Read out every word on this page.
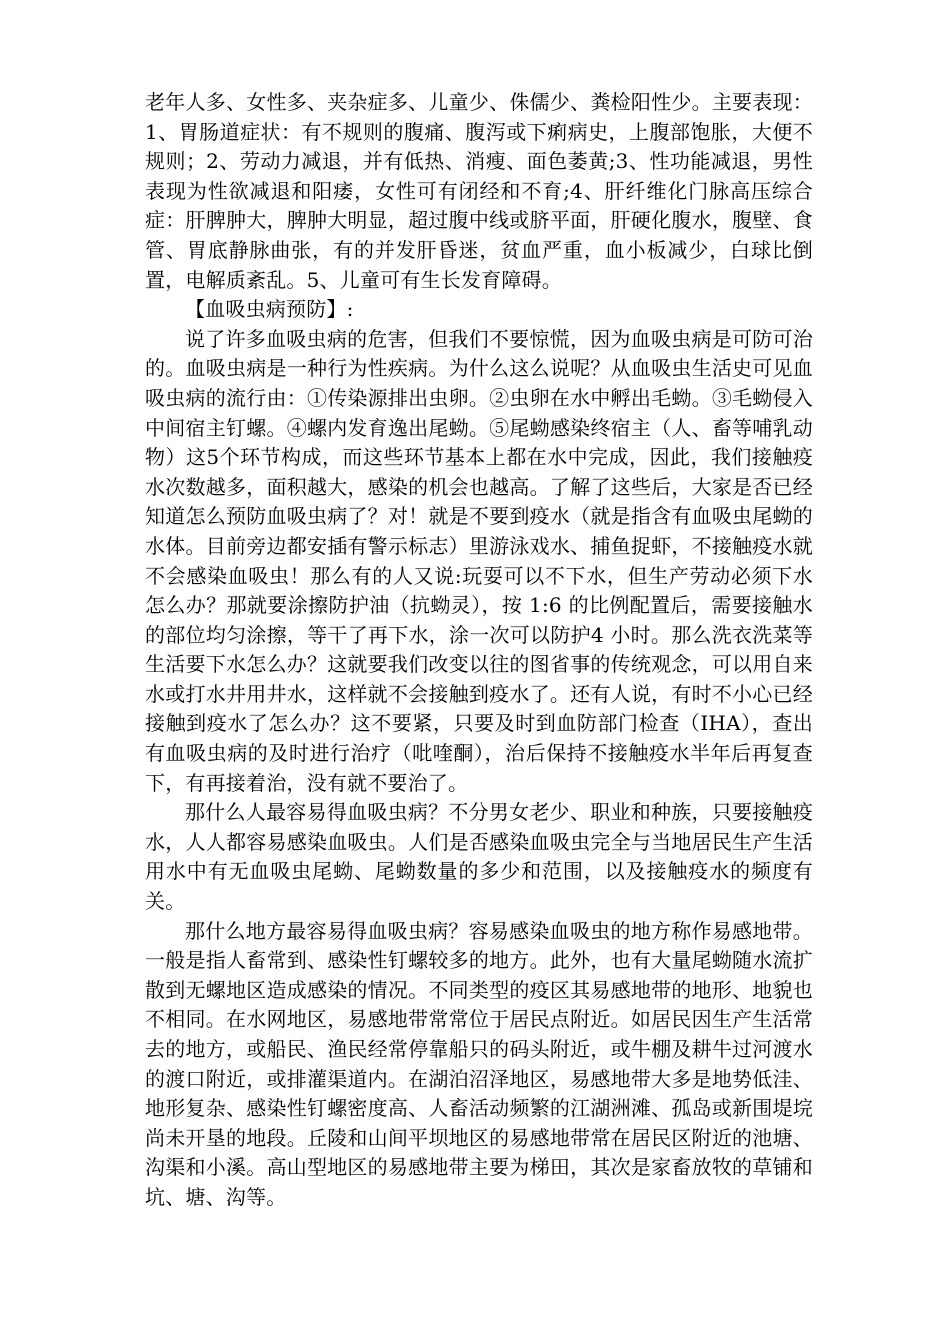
老年人多、女性多、夹杂症多、儿童少、侏儒少、粪检阳性少。主要表现：1、胃肠道症状：有不规则的腹痛、腹泻或下痢病史，上腹部饱胀，大便不规则；2、劳动力减退，并有低热、消瘦、面色萎黄;3、性功能减退，男性表现为性欲减退和阳痿，女性可有闭经和不育;4、肝纤维化门脉高压综合症：肝脾肿大，脾肿大明显，超过腹中线或脐平面，肝硬化腹水，腹壁、食管、胃底静脉曲张，有的并发肝昏迷，贫血严重，血小板减少，白球比倒置，电解质紊乱。5、儿童可有生长发育障碍。

【血吸虫病预防】:

说了许多血吸虫病的危害，但我们不要惊慌，因为血吸虫病是可防可治的。血吸虫病是一种行为性疾病。为什么这么说呢？从血吸虫生活史可见血吸虫病的流行由：①传染源排出虫卵。②虫卵在水中孵出毛蚴。③毛蚴侵入中间宿主钉螺。④螺内发育逸出尾蚴。⑤尾蚴感染终宿主（人、畜等哺乳动物）这5个环节构成，而这些环节基本上都在水中完成，因此，我们接触疫水次数越多，面积越大，感染的机会也越高。了解了这些后，大家是否已经知道怎么预防血吸虫病了？对！就是不要到疫水（就是指含有血吸虫尾蚴的水体。目前旁边都安插有警示标志）里游泳戏水、捕鱼捉虾，不接触疫水就不会感染血吸虫！那么有的人又说:玩耍可以不下水，但生产劳动必须下水怎么办？那就要涂擦防护油（抗蚴灵），按 1:6 的比例配置后，需要接触水的部位均匀涂擦，等干了再下水，涂一次可以防护4 小时。那么洗衣洗菜等生活要下水怎么办？这就要我们改变以往的图省事的传统观念，可以用自来水或打水井用井水，这样就不会接触到疫水了。还有人说，有时不小心已经接触到疫水了怎么办？这不要紧，只要及时到血防部门检查（IHA），查出有血吸虫病的及时进行治疗（吡喹酮），治后保持不接触疫水半年后再复查下，有再接着治，没有就不要治了。

那什么人最容易得血吸虫病？不分男女老少、职业和种族，只要接触疫水，人人都容易感染血吸虫。人们是否感染血吸虫完全与当地居民生产生活用水中有无血吸虫尾蚴、尾蚴数量的多少和范围，以及接触疫水的频度有关。

那什么地方最容易得血吸虫病？容易感染血吸虫的地方称作易感地带。一般是指人畜常到、感染性钉螺较多的地方。此外，也有大量尾蚴随水流扩散到无螺地区造成感染的情况。不同类型的疫区其易感地带的地形、地貌也不相同。在水网地区，易感地带常常位于居民点附近。如居民因生产生活常去的地方，或船民、渔民经常停靠船只的码头附近，或牛棚及耕牛过河渡水的渡口附近，或排灌渠道内。在湖泊沼泽地区，易感地带大多是地势低洼、地形复杂、感染性钉螺密度高、人畜活动频繁的江湖洲滩、孤岛或新围堤垸尚未开垦的地段。丘陵和山间平坝地区的易感地带常在居民区附近的池塘、沟渠和小溪。高山型地区的易感地带主要为梯田，其次是家畜放牧的草铺和坑、塘、沟等。
